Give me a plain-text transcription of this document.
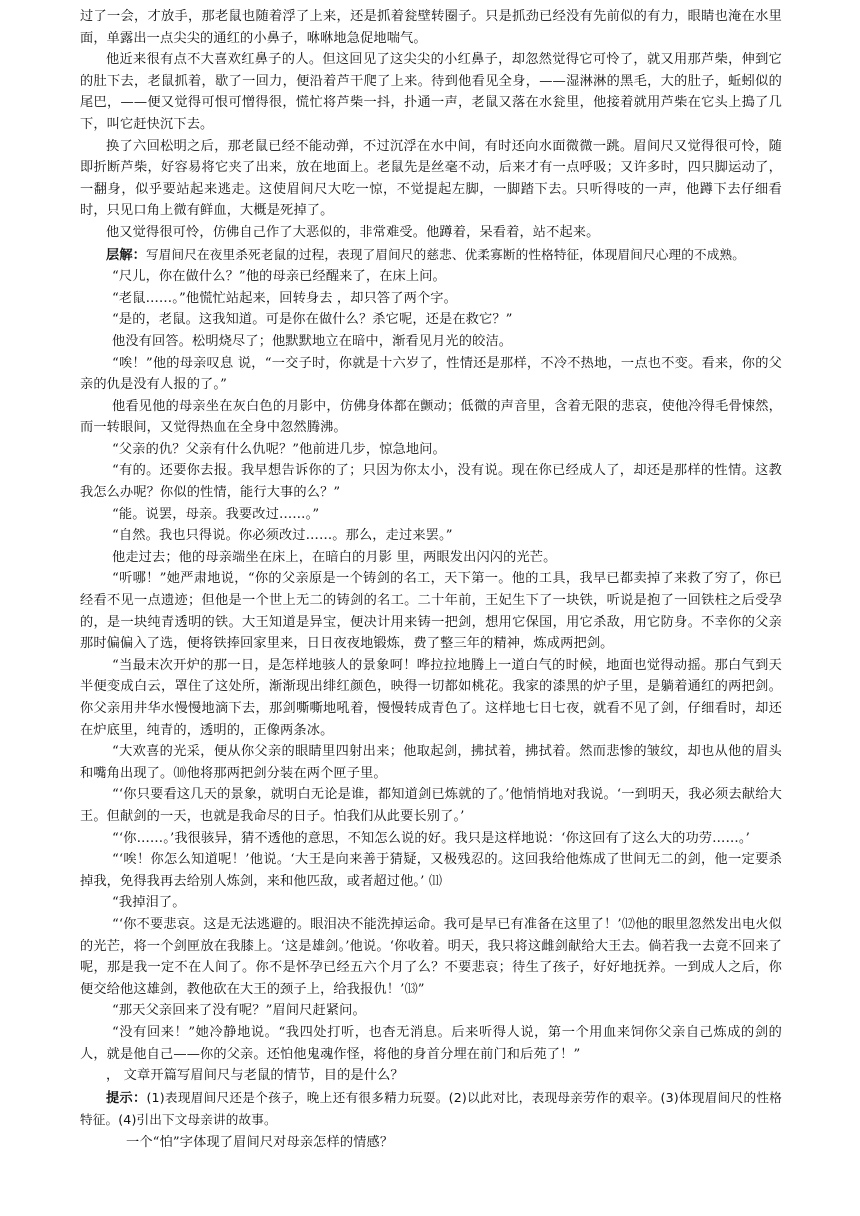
过了一会，才放手，那老鼠也随着浮了上来，还是抓着瓮壁转圈子。只是抓劲已经没有先前似的有力，眼睛也淹在水里面，单露出一点尖尖的通红的小鼻子，咻咻地急促地喘气。

他近来很有点不大喜欢红鼻子的人。但这回见了这尖尖的小红鼻子，却忽然觉得它可怜了，就又用那芦柴，伸到它的肚下去，老鼠抓着，歇了一回力，便沿着芦干爬了上来。待到他看见全身，——湿淋淋的黑毛，大的肚子，蚯蚓似的尾巴，——便又觉得可恨可憎得很，慌忙将芦柴一抖，扑通一声，老鼠又落在水瓮里，他接着就用芦柴在它头上搗了几下，叫它赶快沉下去。

换了六回松明之后，那老鼠已经不能动弹，不过沉浮在水中间，有时还向水面微微一跳。眉间尺又觉得很可怜，随即折断芦柴，好容易将它夹了出来，放在地面上。老鼠先是丝毫不动，后来才有一点呼吸；又许多时，四只脚运动了，一翻身，似乎要站起来逃走。这使眉间尺大吃一惊，不觉提起左脚，一脚踏下去。只听得吱的一声，他蹲下去仔细看时，只见口角上微有鲜血，大概是死掉了。

他又觉得很可怜，仿佛自己作了大恶似的，非常难受。他蹲着，呆看着，站不起来。

层解：写眉间尺在夜里杀死老鼠的过程，表现了眉间尺的慈悲、优柔寡断的性格特征，体现眉间尺心理的不成熟。

“尺儿，你在做什么？”他的母亲已经醒来了，在床上问。

“老鼠……。”他慌忙站起来，回转身去 ，却只答了两个字。

“是的，老鼠。这我知道。可是你在做什么？杀它呢，还是在救它？”

他没有回答。松明烧尽了；他默默地立在暗中，渐看见月光的皎洁。

“唉！”他的母亲叹息 说，“一交子时，你就是十六岁了，性情还是那样，不冷不热地，一点也不变。看来，你的父亲的仇是没有人报的了。”

他看见他的母亲坐在灰白色的月影中，仿佛身体都在颤动；低微的声音里，含着无限的悲哀，使他冷得毛骨悚然，而一转眼间，又觉得热血在全身中忽然腾沸。

“父亲的仇？父亲有什么仇呢？”他前进几步，惊急地问。

“有的。还要你去报。我早想告诉你的了；只因为你太小，没有说。现在你已经成人了，却还是那样的性情。这教我怎么办呢？你似的性情，能行大事的么？”

“能。说罢，母亲。我要改过……。”

“自然。我也只得说。你必须改过……。那么，走过来罢。”

他走过去；他的母亲端坐在床上，在暗白的月影 里，两眼发出闪闪的光芒。

“听哪！”她严肃地说，“你的父亲原是一个铸剑的名工，天下第一。他的工具，我早已都卖掉了来救了穷了，你已经看不见一点遗迹；但他是一个世上无二的铸剑的名工。二十年前，王妃生下了一块铁，听说是抱了一回铁柱之后受孕的，是一块纯青透明的铁。大王知道是异宝，便决计用来铸一把剑，想用它保国，用它杀敌，用它防身。不幸你的父亲那时偏偏入了选，便将铁捧回家里来，日日夜夜地锻炼，费了整三年的精神，炼成两把剑。

“当最末次开炉的那一日，是怎样地骇人的景象呵！哗拉拉地腾上一道白气的时候，地面也觉得动摇。那白气到天半便变成白云，罩住了这处所，渐渐现出绯红颜色，映得一切都如桃花。我家的漆黑的炉子里，是躺着通红的两把剑。你父亲用井华水慢慢地滴下去，那剑嘶嘶地吼着，慢慢转成青色了。这样地七日七夜，就看不见了剑，仔细看时，却还在炉底里，纯青的，透明的，正像两条冰。

“大欢喜的光采，便从你父亲的眼睛里四射出来；他取起剑，拂拭着，拂拭着。然而悲惨的皱纹，却也从他的眉头和嘴角出现了。⑽他将那两把剑分装在两个匣子里。

“‘你只要看这几天的景象，就明白无论是谁，都知道剑已炼就的了。’他悄悄地对我说。‘一到明天，我必须去献给大王。但献剑的一天，也就是我命尽的日子。怕我们从此要长别了。’

“‘你……。’我很骇异，猜不透他的意思，不知怎么说的好。我只是这样地说：‘你这回有了这么大的功劳……。’

“‘唉！你怎么知道呢！’他说。‘大王是向来善于猜疑，又极残忍的。这回我给他炼成了世间无二的剑，他一定要杀掉我，免得我再去给别人炼剑，来和他匹敌，或者超过他。’ ⑾

“我掉泪了。

“‘你不要悲哀。这是无法逃避的。眼泪决不能洗掉运命。我可是早已有准备在这里了！’⑿他的眼里忽然发出电火似的光芒，将一个剑匣放在我膝上。‘这是雄剑。’他说。‘你收着。明天，我只将这雌剑献给大王去。倘若我一去竟不回来了呢，那是我一定不在人间了。你不是怀孕已经五六个月了么？不要悲哀；待生了孩子，好好地抚养。一到成人之后，你便交给他这雄剑，教他砍在大王的颈子上，给我报仇！’⒀”

“那天父亲回来了没有呢？”眉间尺赶紧问。

“没有回来！”她冷静地说。“我四处打听，也杳无消息。后来听得人说，第一个用血来饲你父亲自己炼成的剑的人，就是他自己——你的父亲。还怕他鬼魂作怪，将他的身首分埋在前门和后苑了！”

， 文章开篇写眉间尺与老鼠的情节，目的是什么？

提示：(1)表现眉间尺还是个孩子，晚上还有很多精力玩耍。(2)以此对比，表现母亲劳作的艰辛。(3)体现眉间尺的性格特征。(4)引出下文母亲讲的故事。

一个“怕”字体现了眉间尺对母亲怎样的情感？
